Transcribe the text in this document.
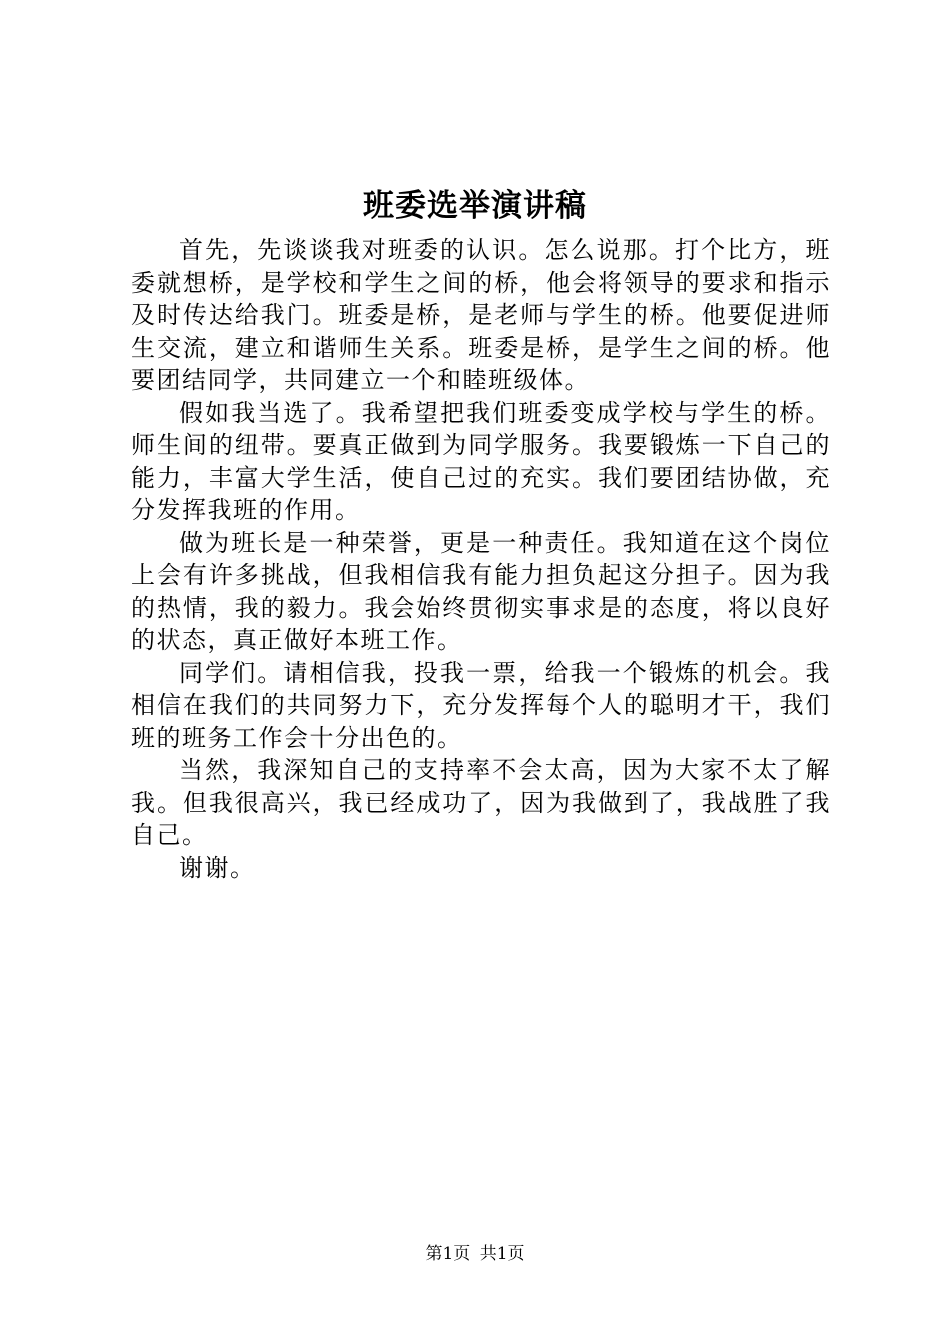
班委选举演讲稿

首先，先谈谈我对班委的认识。怎么说那。打个比方，班委就想桥，是学校和学生之间的桥，他会将领导的要求和指示及时传达给我门。班委是桥，是老师与学生的桥。他要促进师生交流，建立和谐师生关系。班委是桥，是学生之间的桥。他要团结同学，共同建立一个和睦班级体。

假如我当选了。我希望把我们班委变成学校与学生的桥。师生间的纽带。要真正做到为同学服务。我要锻炼一下自己的能力，丰富大学生活，使自己过的充实。我们要团结协做，充分发挥我班的作用。

做为班长是一种荣誉，更是一种责任。我知道在这个岗位上会有许多挑战，但我相信我有能力担负起这分担子。因为我的热情，我的毅力。我会始终贯彻实事求是的态度，将以良好的状态，真正做好本班工作。

同学们。请相信我，投我一票，给我一个锻炼的机会。我相信在我们的共同努力下，充分发挥每个人的聪明才干，我们班的班务工作会十分出色的。

当然，我深知自己的支持率不会太高，因为大家不太了解我。但我很高兴，我已经成功了，因为我做到了，我战胜了我自己。

谢谢。

第1页 共1页
